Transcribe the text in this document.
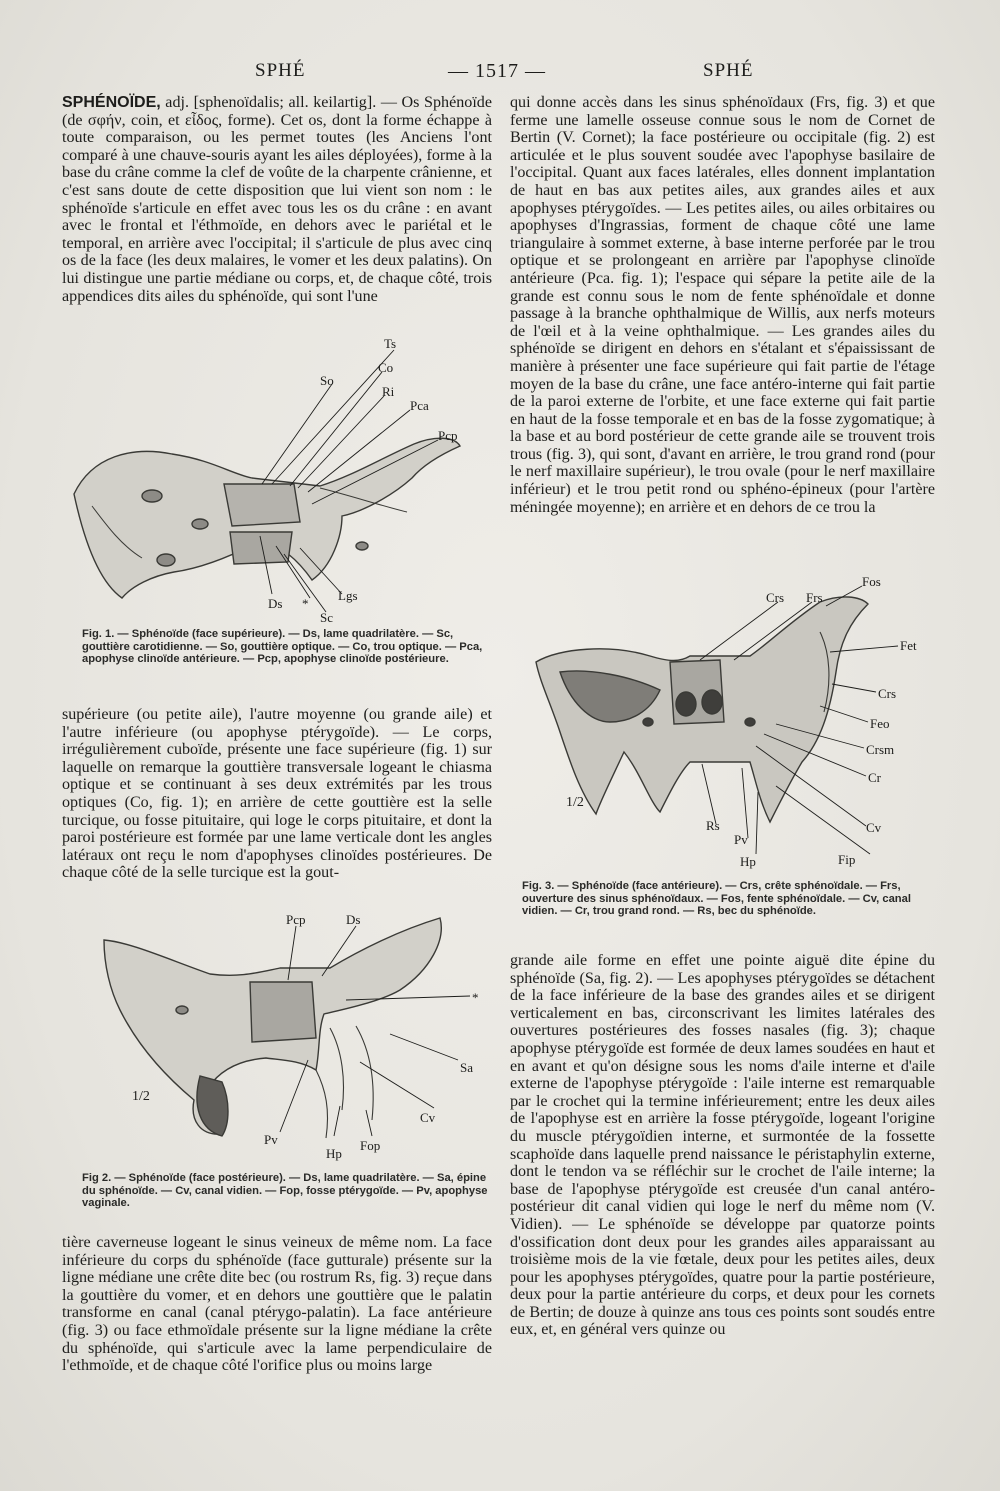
SPHÉ	— 1517 —	SPHÉ

SPHÉNOÏDE, adj. [sphenoïdalis; all. keilartig]. — Os Sphénoïde (de σφήν, coin, et εἶδος, forme). Cet os, dont la forme échappe à toute comparaison, ou les permet toutes (les Anciens l'ont comparé à une chauve-souris ayant les ailes déployées), forme à la base du crâne comme la clef de voûte de la charpente crânienne, et c'est sans doute de cette disposition que lui vient son nom : le sphénoïde s'articule en effet avec tous les os du crâne : en avant avec le frontal et l'éthmoïde, en dehors avec le pariétal et le temporal, en arrière avec l'occipital; il s'articule de plus avec cinq os de la face (les deux malaires, le vomer et les deux palatins). On lui distingue une partie médiane ou corps, et, de chaque côté, trois appendices dits ailes du sphénoïde, qui sont l'une

Ts
So
Co
Ri
Pca
Pcp
Ds *
Lgs
Sc
Fig. 1. — Sphénoïde (face supérieure). — Ds, lame quadrilatère. — Sc, gouttière carotidienne. — So, gouttière optique. — Co, trou optique. — Pca, apophyse clinoïde antérieure. — Pcp, apophyse clinoïde postérieure.

supérieure (ou petite aile), l'autre moyenne (ou grande aile) et l'autre inférieure (ou apophyse ptérygoïde). — Le corps, irrégulièrement cuboïde, présente une face supérieure (fig. 1) sur laquelle on remarque la gouttière transversale logeant le chiasma optique et se continuant à ses deux extrémités par les trous optiques (Co, fig. 1); en arrière de cette gouttière est la selle turcique, ou fosse pituitaire, qui loge le corps pituitaire, et dont la paroi postérieure est formée par une lame verticale dont les angles latéraux ont reçu le nom d'apophyses clinoïdes postérieures. De chaque côté de la selle turcique est la gout-

Pcp	Ds
*
Sa
Cv
Pv
Hp
Fop
1/2
Fig 2. — Sphénoïde (face postérieure). — Ds, lame quadrilatère. — Sa, épine du sphénoïde. — Cv, canal vidien. — Fop, fosse ptérygoïde. — Pv, apophyse vaginale.

tière caverneuse logeant le sinus veineux de même nom. La face inférieure du corps du sphénoïde (face gutturale) présente sur la ligne médiane une crête dite bec (ou rostrum Rs, fig. 3) reçue dans la gouttière du vomer, et en dehors une gouttière que le palatin transforme en canal (canal ptérygo-palatin). La face antérieure (fig. 3) ou face ethmoïdale présente sur la ligne médiane la crête du sphénoïde, qui s'articule avec la lame perpendiculaire de l'ethmoïde, et de chaque côté l'orifice plus ou moins large

qui donne accès dans les sinus sphénoïdaux (Frs, fig. 3) et que ferme une lamelle osseuse connue sous le nom de Cornet de Bertin (V. Cornet); la face postérieure ou occipitale (fig. 2) est articulée et le plus souvent soudée avec l'apophyse basilaire de l'occipital. Quant aux faces latérales, elles donnent implantation de haut en bas aux petites ailes, aux grandes ailes et aux apophyses ptérygoïdes. — Les petites ailes, ou ailes orbitaires ou apophyses d'Ingrassias, forment de chaque côté une lame triangulaire à sommet externe, à base interne perforée par le trou optique et se prolongeant en arrière par l'apophyse clinoïde antérieure (Pca. fig. 1); l'espace qui sépare la petite aile de la grande est connu sous le nom de fente sphénoïdale et donne passage à la branche ophthalmique de Willis, aux nerfs moteurs de l'œil et à la veine ophthalmique. — Les grandes ailes du sphénoïde se dirigent en dehors en s'étalant et s'épaississant de manière à présenter une face supérieure qui fait partie de l'étage moyen de la base du crâne, une face antéro-interne qui fait partie de la paroi externe de l'orbite, et une face externe qui fait partie en haut de la fosse temporale et en bas de la fosse zygomatique; à la base et au bord postérieur de cette grande aile se trouvent trois trous (fig. 3), qui sont, d'avant en arrière, le trou grand rond (pour le nerf maxillaire supérieur), le trou ovale (pour le nerf maxillaire inférieur) et le trou petit rond ou sphéno-épineux (pour l'artère méningée moyenne); en arrière et en dehors de ce trou la

Fos
Crs Frs
Fet
Crs
Feo
Crsm
Cr
Cv
Rs
Pv
Hp	Fip
1/2
Fig. 3. — Sphénoïde (face antérieure). — Crs, crête sphénoïdale. — Frs, ouverture des sinus sphénoïdaux. — Fos, fente sphénoïdale. — Cv, canal vidien. — Cr, trou grand rond. — Rs, bec du sphénoïde.

grande aile forme en effet une pointe aiguë dite épine du sphénoïde (Sa, fig. 2). — Les apophyses ptérygoïdes se détachent de la face inférieure de la base des grandes ailes et se dirigent verticalement en bas, circonscrivant les limites latérales des ouvertures postérieures des fosses nasales (fig. 3); chaque apophyse ptérygoïde est formée de deux lames soudées en haut et en avant et qu'on désigne sous les noms d'aile interne et d'aile externe de l'apophyse ptérygoïde : l'aile interne est remarquable par le crochet qui la termine inférieurement; entre les deux ailes de l'apophyse est en arrière la fosse ptérygoïde, logeant l'origine du muscle ptérygoïdien interne, et surmontée de la fossette scaphoïde dans laquelle prend naissance le péristaphylin externe, dont le tendon va se réfléchir sur le crochet de l'aile interne; la base de l'apophyse ptérygoïde est creusée d'un canal antéro-postérieur dit canal vidien qui loge le nerf du même nom (V. Vidien). — Le sphénoïde se développe par quatorze points d'ossification dont deux pour les grandes ailes apparaissant au troisième mois de la vie fœtale, deux pour les petites ailes, deux pour les apophyses ptérygoïdes, quatre pour la partie postérieure, deux pour la partie antérieure du corps, et deux pour les cornets de Bertin; de douze à quinze ans tous ces points sont soudés entre eux, et, en général vers quinze ou
